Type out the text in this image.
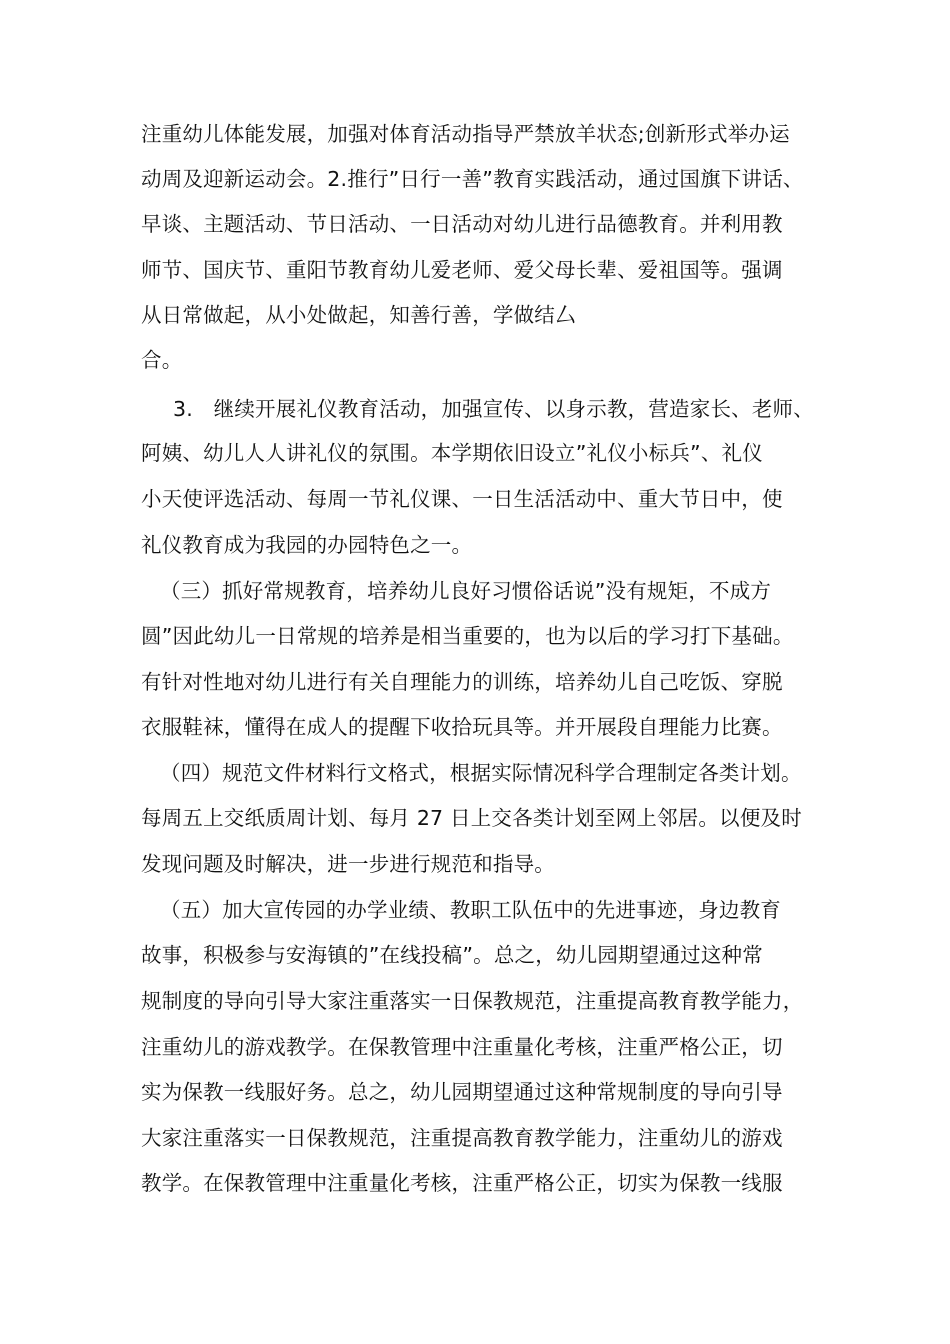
注重幼儿体能发展，加强对体育活动指导严禁放羊状态;创新形式举办运
动周及迎新运动会。2.推行”日行一善”教育实践活动，通过国旗下讲话、
早谈、主题活动、节日活动、一日活动对幼儿进行品德教育。并利用教
师节、国庆节、重阳节教育幼儿爱老师、爱父母长辈、爱祖国等。强调
从日常做起，从小处做起，知善行善，学做结厶
合。
3.　继续开展礼仪教育活动，加强宣传、以身示教，营造家长、老师、
阿姨、幼儿人人讲礼仪的氛围。本学期依旧设立”礼仪小标兵”、礼仪
小天使评选活动、每周一节礼仪课、一日生活活动中、重大节日中，使
礼仪教育成为我园的办园特色之一。
（三）抓好常规教育，培养幼儿良好习惯俗话说”没有规矩，不成方
圆”因此幼儿一日常规的培养是相当重要的，也为以后的学习打下基础。
有针对性地对幼儿进行有关自理能力的训练，培养幼儿自己吃饭、穿脱
衣服鞋袜，懂得在成人的提醒下收拾玩具等。并开展段自理能力比赛。
（四）规范文件材料行文格式，根据实际情况科学合理制定各类计划。
每周五上交纸质周计划、每月 27 日上交各类计划至网上邻居。以便及时
发现问题及时解决，进一步进行规范和指导。
（五）加大宣传园的办学业绩、教职工队伍中的先进事迹，身边教育
故事，积极参与安海镇的”在线投稿”。总之，幼儿园期望通过这种常
规制度的导向引导大家注重落实一日保教规范，注重提高教育教学能力，
注重幼儿的游戏教学。在保教管理中注重量化考核，注重严格公正，切
实为保教一线服好务。总之，幼儿园期望通过这种常规制度的导向引导
大家注重落实一日保教规范，注重提高教育教学能力，注重幼儿的游戏
教学。在保教管理中注重量化考核，注重严格公正，切实为保教一线服
